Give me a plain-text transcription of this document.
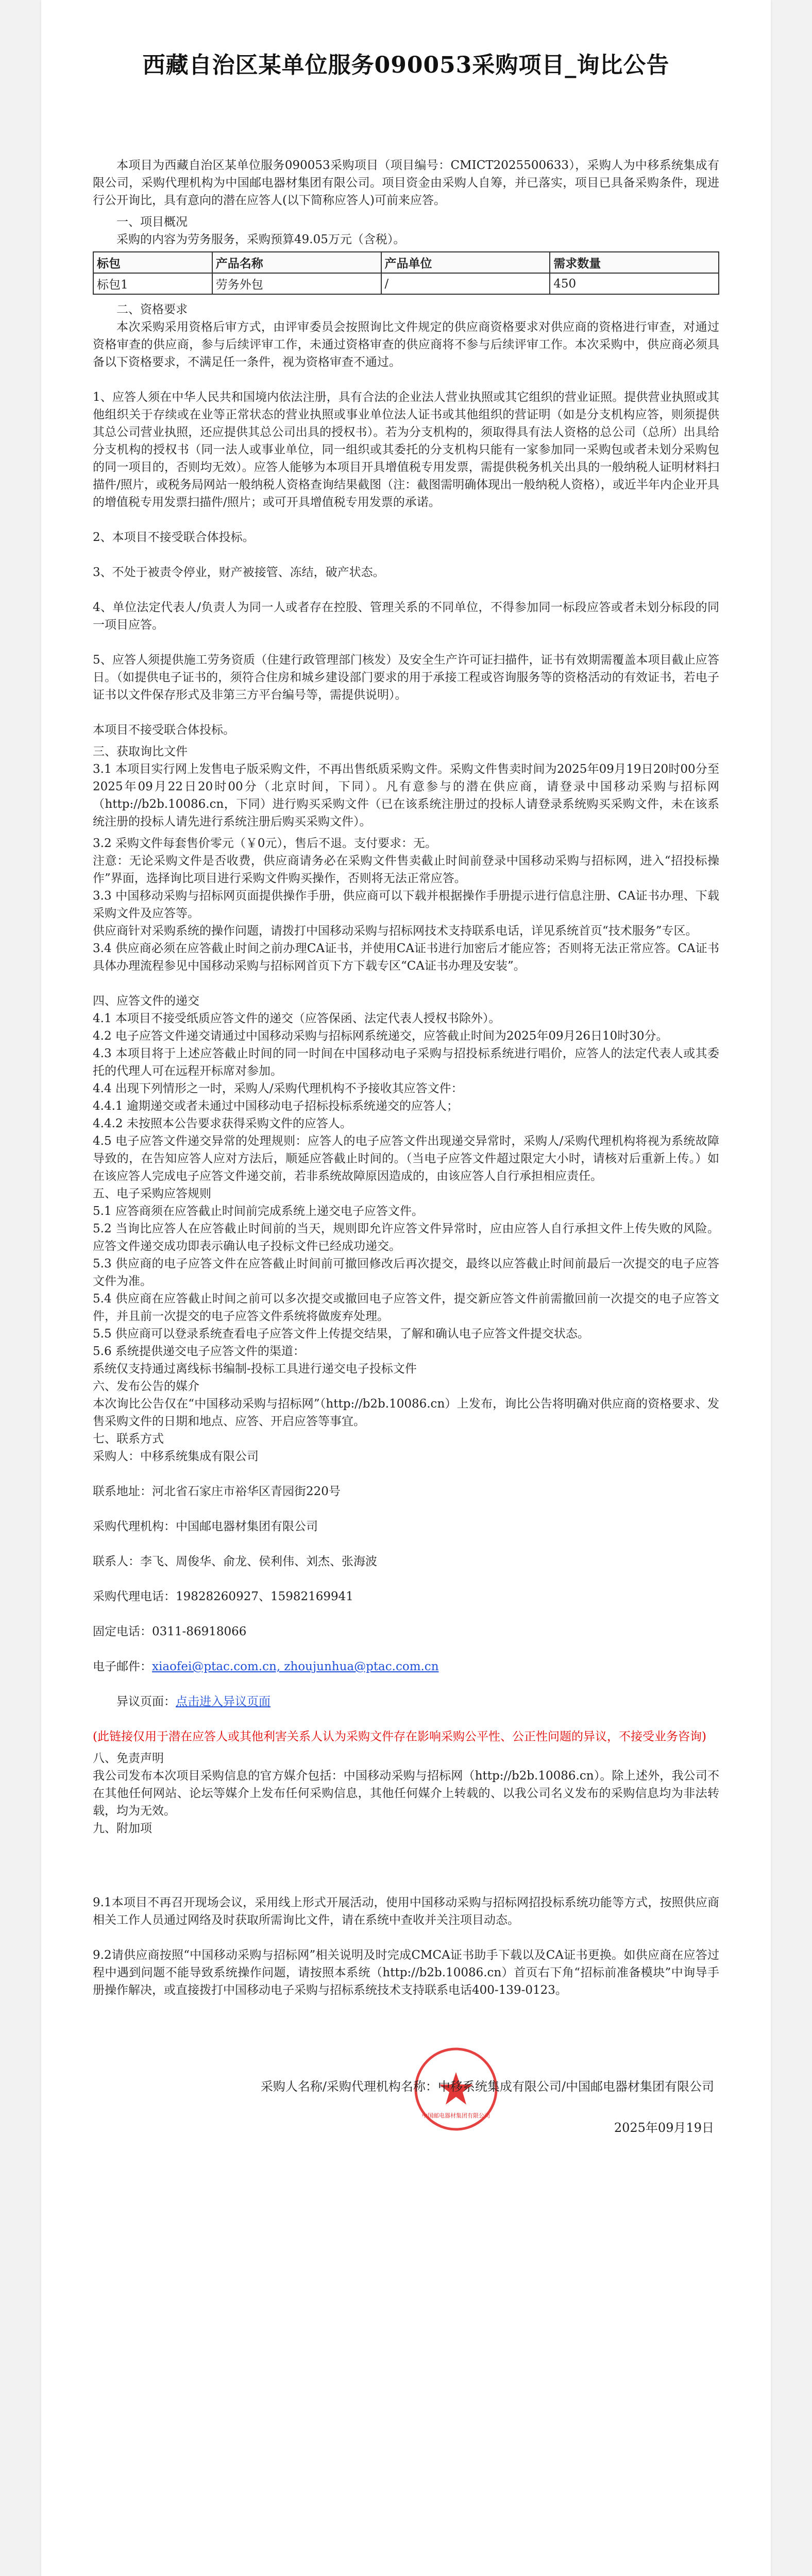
西藏自治区某单位服务090053采购项目_询比公告

本项目为西藏自治区某单位服务090053采购项目（项目编号：CMICT2025500633），采购人为中移系统集成有限公司，采购代理机构为中国邮电器材集团有限公司。项目资金由采购人自筹，并已落实，项目已具备采购条件，现进行公开询比，具有意向的潜在应答人(以下简称应答人)可前来应答。

一、项目概况

采购的内容为劳务服务，采购预算49.05万元（含税）。

标包	产品名称	产品单位	需求数量
标包1	劳务外包	/	450

二、资格要求

本次采购采用资格后审方式，由评审委员会按照询比文件规定的供应商资格要求对供应商的资格进行审查，对通过资格审查的供应商，参与后续评审工作，未通过资格审查的供应商将不参与后续评审工作。本次采购中，供应商必须具备以下资格要求，不满足任一条件，视为资格审查不通过。

1、应答人须在中华人民共和国境内依法注册，具有合法的企业法人营业执照或其它组织的营业证照。提供营业执照或其他组织关于存续或在业等正常状态的营业执照或事业单位法人证书或其他组织的营证明（如是分支机构应答，则须提供其总公司营业执照，还应提供其总公司出具的授权书）。若为分支机构的，须取得具有法人资格的总公司（总所）出具给分支机构的授权书（同一法人或事业单位，同一组织或其委托的分支机构只能有一家参加同一采购包或者未划分采购包的同一项目的，否则均无效）。应答人能够为本项目开具增值税专用发票，需提供税务机关出具的一般纳税人证明材料扫描件/照片，或税务局网站一般纳税人资格查询结果截图（注：截图需明确体现出一般纳税人资格），或近半年内企业开具的增值税专用发票扫描件/照片；或可开具增值税专用发票的承诺。

2、本项目不接受联合体投标。

3、不处于被责令停业，财产被接管、冻结，破产状态。

4、单位法定代表人/负责人为同一人或者存在控股、管理关系的不同单位，不得参加同一标段应答或者未划分标段的同一项目应答。

5、应答人须提供施工劳务资质（住建行政管理部门核发）及安全生产许可证扫描件，证书有效期需覆盖本项目截止应答日。（如提供电子证书的，须符合住房和城乡建设部门要求的用于承接工程或咨询服务等的资格活动的有效证书，若电子证书以文件保存形式及非第三方平台编号等，需提供说明）。

本项目不接受联合体投标。

三、获取询比文件

3.1 本项目实行网上发售电子版采购文件，不再出售纸质采购文件。采购文件售卖时间为2025年09月19日20时00分至2025年09月22日20时00分（北京时间，下同）。凡有意参与的潜在供应商，请登录中国移动采购与招标网（http://b2b.10086.cn，下同）进行购买采购文件（已在该系统注册过的投标人请登录系统购买采购文件，未在该系统注册的投标人请先进行系统注册后购买采购文件）。

3.2 采购文件每套售价零元（￥0元），售后不退。支付要求：无。

注意：无论采购文件是否收费，供应商请务必在采购文件售卖截止时间前登录中国移动采购与招标网，进入“招投标操作”界面，选择询比项目进行采购文件购买操作，否则将无法正常应答。

3.3 中国移动采购与招标网页面提供操作手册，供应商可以下载并根据操作手册提示进行信息注册、CA证书办理、下载采购文件及应答等。

供应商针对采购系统的操作问题，请拨打中国移动采购与招标网技术支持联系电话，详见系统首页“技术服务”专区。

3.4 供应商必须在应答截止时间之前办理CA证书，并使用CA证书进行加密后才能应答；否则将无法正常应答。CA证书具体办理流程参见中国移动采购与招标网首页下方下载专区“CA证书办理及安装”。

四、应答文件的递交

4.1 本项目不接受纸质应答文件的递交（应答保函、法定代表人授权书除外）。

4.2 电子应答文件递交请通过中国移动采购与招标网系统递交，应答截止时间为2025年09月26日10时30分。

4.3 本项目将于上述应答截止时间的同一时间在中国移动电子采购与招投标系统进行唱价，应答人的法定代表人或其委托的代理人可在远程开标席对参加。

4.4 出现下列情形之一时，采购人/采购代理机构不予接收其应答文件：

4.4.1 逾期递交或者未通过中国移动电子招标投标系统递交的应答人；

4.4.2 未按照本公告要求获得采购文件的应答人。

4.5 电子应答文件递交异常的处理规则：应答人的电子应答文件出现递交异常时，采购人/采购代理机构将视为系统故障导致的，在告知应答人应对方法后，顺延应答截止时间的。（当电子应答文件超过限定大小时，请核对后重新上传。）如在该应答人完成电子应答文件递交前，若非系统故障原因造成的，由该应答人自行承担相应责任。

五、电子采购应答规则

5.1 应答商须在应答截止时间前完成系统上递交电子应答文件。

5.2 当询比应答人在应答截止时间前的当天，规则即允许应答文件异常时，应由应答人自行承担文件上传失败的风险。应答文件递交成功即表示确认电子投标文件已经成功递交。

5.3 供应商的电子应答文件在应答截止时间前可撤回修改后再次提交，最终以应答截止时间前最后一次提交的电子应答文件为准。

5.4 供应商在应答截止时间之前可以多次提交或撤回电子应答文件，提交新应答文件前需撤回前一次提交的电子应答文件，并且前一次提交的电子应答文件系统将做废弃处理。

5.5 供应商可以登录系统查看电子应答文件上传提交结果，了解和确认电子应答文件提交状态。

5.6 系统提供递交电子应答文件的渠道：

系统仅支持通过离线标书编制-投标工具进行递交电子投标文件

六、发布公告的媒介

本次询比公告仅在“中国移动采购与招标网”（http://b2b.10086.cn）上发布，询比公告将明确对供应商的资格要求、发售采购文件的日期和地点、应答、开启应答等事宜。

七、联系方式

采购人：中移系统集成有限公司

联系地址：河北省石家庄市裕华区青园街220号

采购代理机构：中国邮电器材集团有限公司

联系人：李飞、周俊华、俞龙、侯利伟、刘杰、张海波

采购代理电话：19828260927、15982169941

固定电话：0311-86918066

电子邮件：xiaofei@ptac.com.cn, zhoujunhua@ptac.com.cn

异议页面：点击进入异议页面

(此链接仅用于潜在应答人或其他利害关系人认为采购文件存在影响采购公平性、公正性问题的异议，不接受业务咨询)

八、免责声明

我公司发布本次项目采购信息的官方媒介包括：中国移动采购与招标网（http://b2b.10086.cn）。除上述外，我公司不在其他任何网站、论坛等媒介上发布任何采购信息，其他任何媒介上转载的、以我公司名义发布的采购信息均为非法转载，均为无效。

九、附加项

9.1本项目不再召开现场会议，采用线上形式开展活动，使用中国移动采购与招标网招投标系统功能等方式，按照供应商相关工作人员通过网络及时获取所需询比文件，请在系统中查收并关注项目动态。

9.2请供应商按照“中国移动采购与招标网”相关说明及时完成CMCA证书助手下载以及CA证书更换。如供应商在应答过程中遇到问题不能导致系统操作问题，请按照本系统（http://b2b.10086.cn）首页右下角“招标前准备模块”中询导手册操作解决，或直接拨打中国移动电子采购与招标系统技术支持联系电话400-139-0123。

中国邮电器材集团有限公司
采购人名称/采购代理机构名称：中移系统集成有限公司/中国邮电器材集团有限公司
2025年09月19日
